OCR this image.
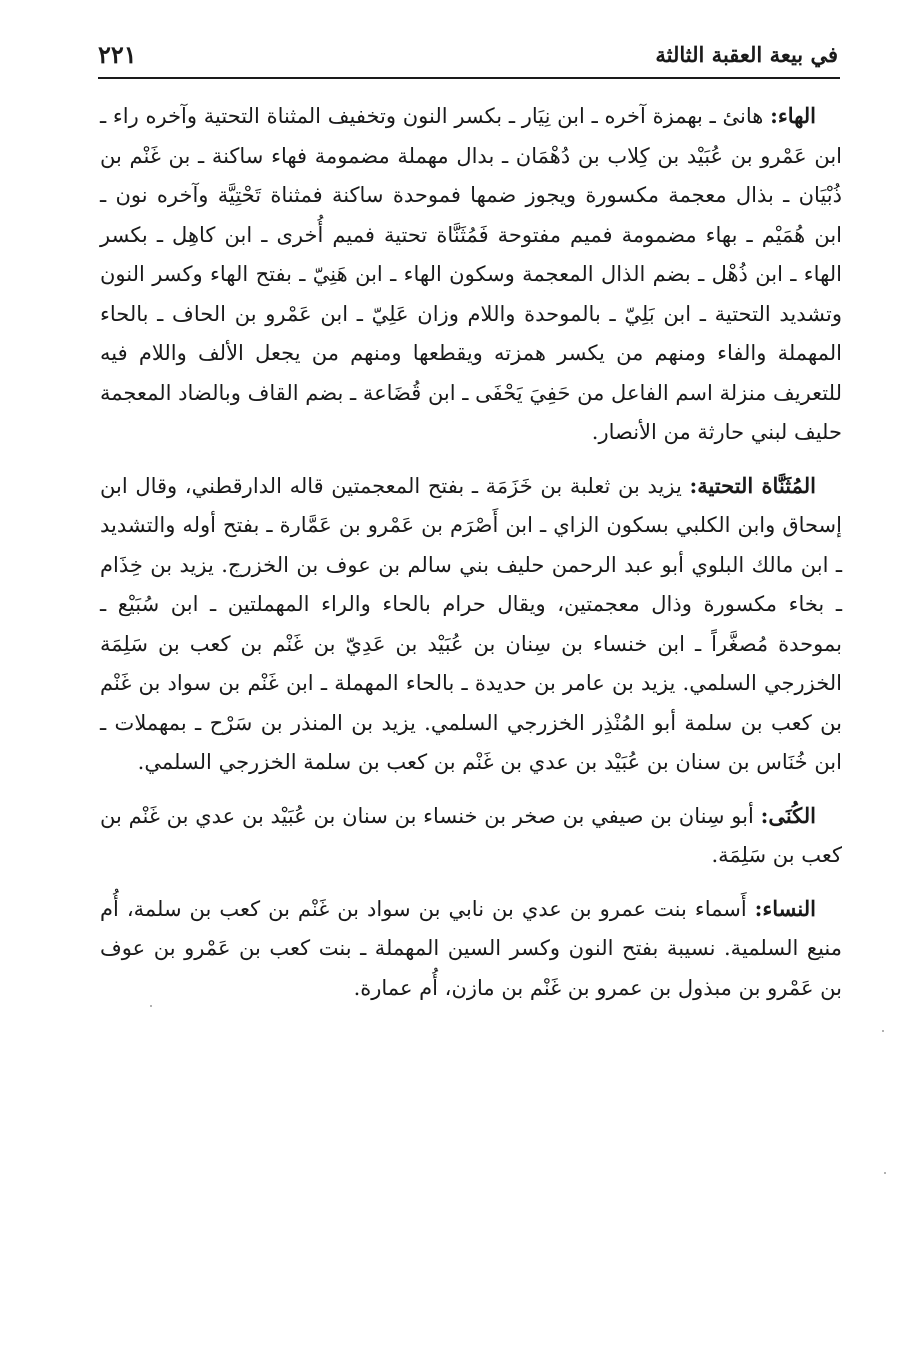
في بيعة العقبة الثالثة
٢٢١

الهاء: هانئ ـ بهمزة آخره ـ ابن نِيَار ـ بكسر النون وتخفيف المثناة التحتية وآخره راء ـ ابن عَمْرو بن عُبَيْد بن كِلاب بن دُهْمَان ـ بدال مهملة مضمومة فهاء ساكنة ـ بن غَنْم بن ذُبْيَان ـ بذال معجمة مكسورة ويجوز ضمها فموحدة ساكنة فمثناة تَحْتِيَّة وآخره نون ـ ابن هُمَيْم ـ بهاء مضمومة فميم مفتوحة فَمُثَنَّاة تحتية فميم أُخرى ـ ابن كاهِل ـ بكسر الهاء ـ ابن ذُهْل ـ بضم الذال المعجمة وسكون الهاء ـ ابن هَنِيّ ـ بفتح الهاء وكسر النون وتشديد التحتية ـ ابن بَلِيّ ـ بالموحدة واللام وزان عَلِيّ ـ ابن عَمْرو بن الحاف ـ بالحاء المهملة والفاء ومنهم من يكسر همزته ويقطعها ومنهم من يجعل الألف واللام فيه للتعريف منزلة اسم الفاعل من حَفِيَ يَحْفَى ـ ابن قُضَاعة ـ بضم القاف وبالضاد المعجمة حليف لبني حارثة من الأنصار.

المُثَنَّاة التحتية: يزيد بن ثعلبة بن خَزَمَة ـ بفتح المعجمتين قاله الدارقطني، وقال ابن إسحاق وابن الكلبي بسكون الزاي ـ ابن أَصْرَم بن عَمْرو بن عَمَّارة ـ بفتح أوله والتشديد ـ ابن مالك البلوي أبو عبد الرحمن حليف بني سالم بن عوف بن الخزرج. يزيد بن خِذَام ـ بخاء مكسورة وذال معجمتين، ويقال حرام بالحاء والراء المهملتين ـ ابن سُبَيْع ـ بموحدة مُصغَّراً ـ ابن خنساء بن سِنان بن عُبَيْد بن عَدِيّ بن غَنْم بن كعب بن سَلِمَة الخزرجي السلمي. يزيد بن عامر بن حديدة ـ بالحاء المهملة ـ ابن غَنْم بن سواد بن غَنْم بن كعب بن سلمة أبو المُنْذِر الخزرجي السلمي. يزيد بن المنذر بن سَرْح ـ بمهملات ـ ابن خُنَاس بن سنان بن عُبَيْد بن عدي بن غَنْم بن كعب بن سلمة الخزرجي السلمي.

الكُنَى: أبو سِنان بن صيفي بن صخر بن خنساء بن سنان بن عُبَيْد بن عدي بن غَنْم بن كعب بن سَلِمَة.

النساء: أَسماء بنت عمرو بن عدي بن نابي بن سواد بن غَنْم بن كعب بن سلمة، أُم منيع السلمية. نسيبة بفتح النون وكسر السين المهملة ـ بنت كعب بن عَمْرو بن عوف بن عَمْرو بن مبذول بن عمرو بن غَنْم بن مازن، أُم عمارة.
